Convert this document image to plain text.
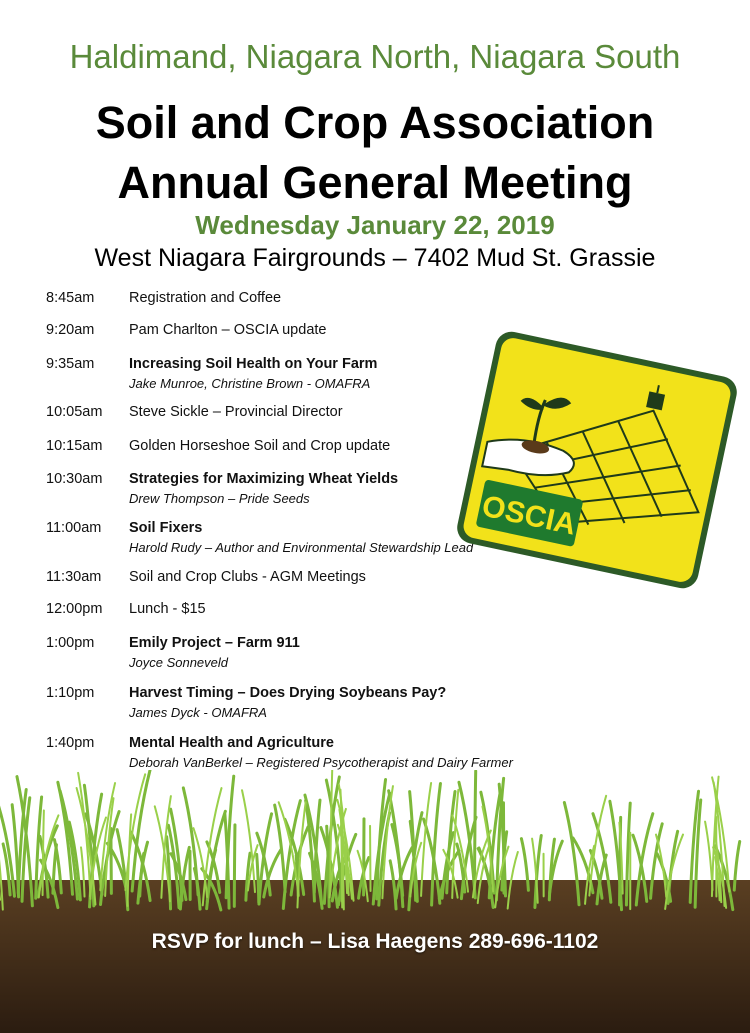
Haldimand, Niagara North, Niagara South
Soil and Crop Association
Annual General Meeting
Wednesday January 22, 2019
West Niagara Fairgrounds – 7402 Mud St. Grassie
8:45am	Registration and Coffee
9:20am	Pam Charlton – OSCIA update
9:35am	Increasing Soil Health on Your Farm
Jake Munroe, Christine Brown - OMAFRA
10:05am	Steve Sickle – Provincial Director
10:15am	Golden Horseshoe Soil and Crop update
10:30am	Strategies for Maximizing Wheat Yields
Drew Thompson – Pride Seeds
11:00am	Soil Fixers
Harold Rudy – Author and Environmental Stewardship Lead
11:30am	Soil and Crop Clubs - AGM Meetings
12:00pm	Lunch - $15
1:00pm	Emily Project – Farm 911
Joyce Sonneveld
1:10pm	Harvest Timing – Does Drying Soybeans Pay?
James Dyck - OMAFRA
1:40pm	Mental Health and Agriculture
Deborah VanBerkel – Registered Psycotherapist and Dairy Farmer
OSCIA
RSVP for lunch – Lisa Haegens 289-696-1102
